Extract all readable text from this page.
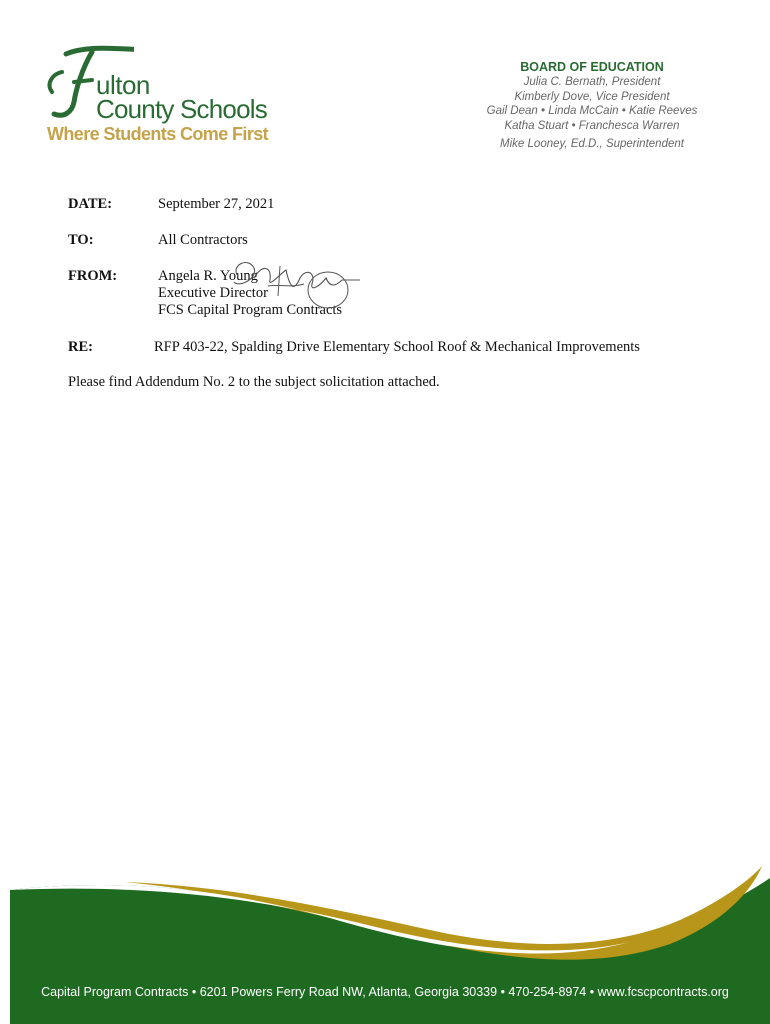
ulton
County Schools
Where Students Come First
BOARD OF EDUCATION
Julia C. Bernath, President
Kimberly Dove, Vice President
Gail Dean • Linda McCain • Katie Reeves
Katha Stuart • Franchesca Warren
Mike Looney, Ed.D., Superintendent
DATE:	September 27, 2021
TO:	All Contractors
FROM:	Angela R. Young
Executive Director
FCS Capital Program Contracts
RE:	RFP 403-22, Spalding Drive Elementary School Roof & Mechanical Improvements
Please find Addendum No. 2 to the subject solicitation attached.
Capital Program Contracts • 6201 Powers Ferry Road NW, Atlanta, Georgia 30339 • 470-254-8974 • www.fcscpcontracts.org
